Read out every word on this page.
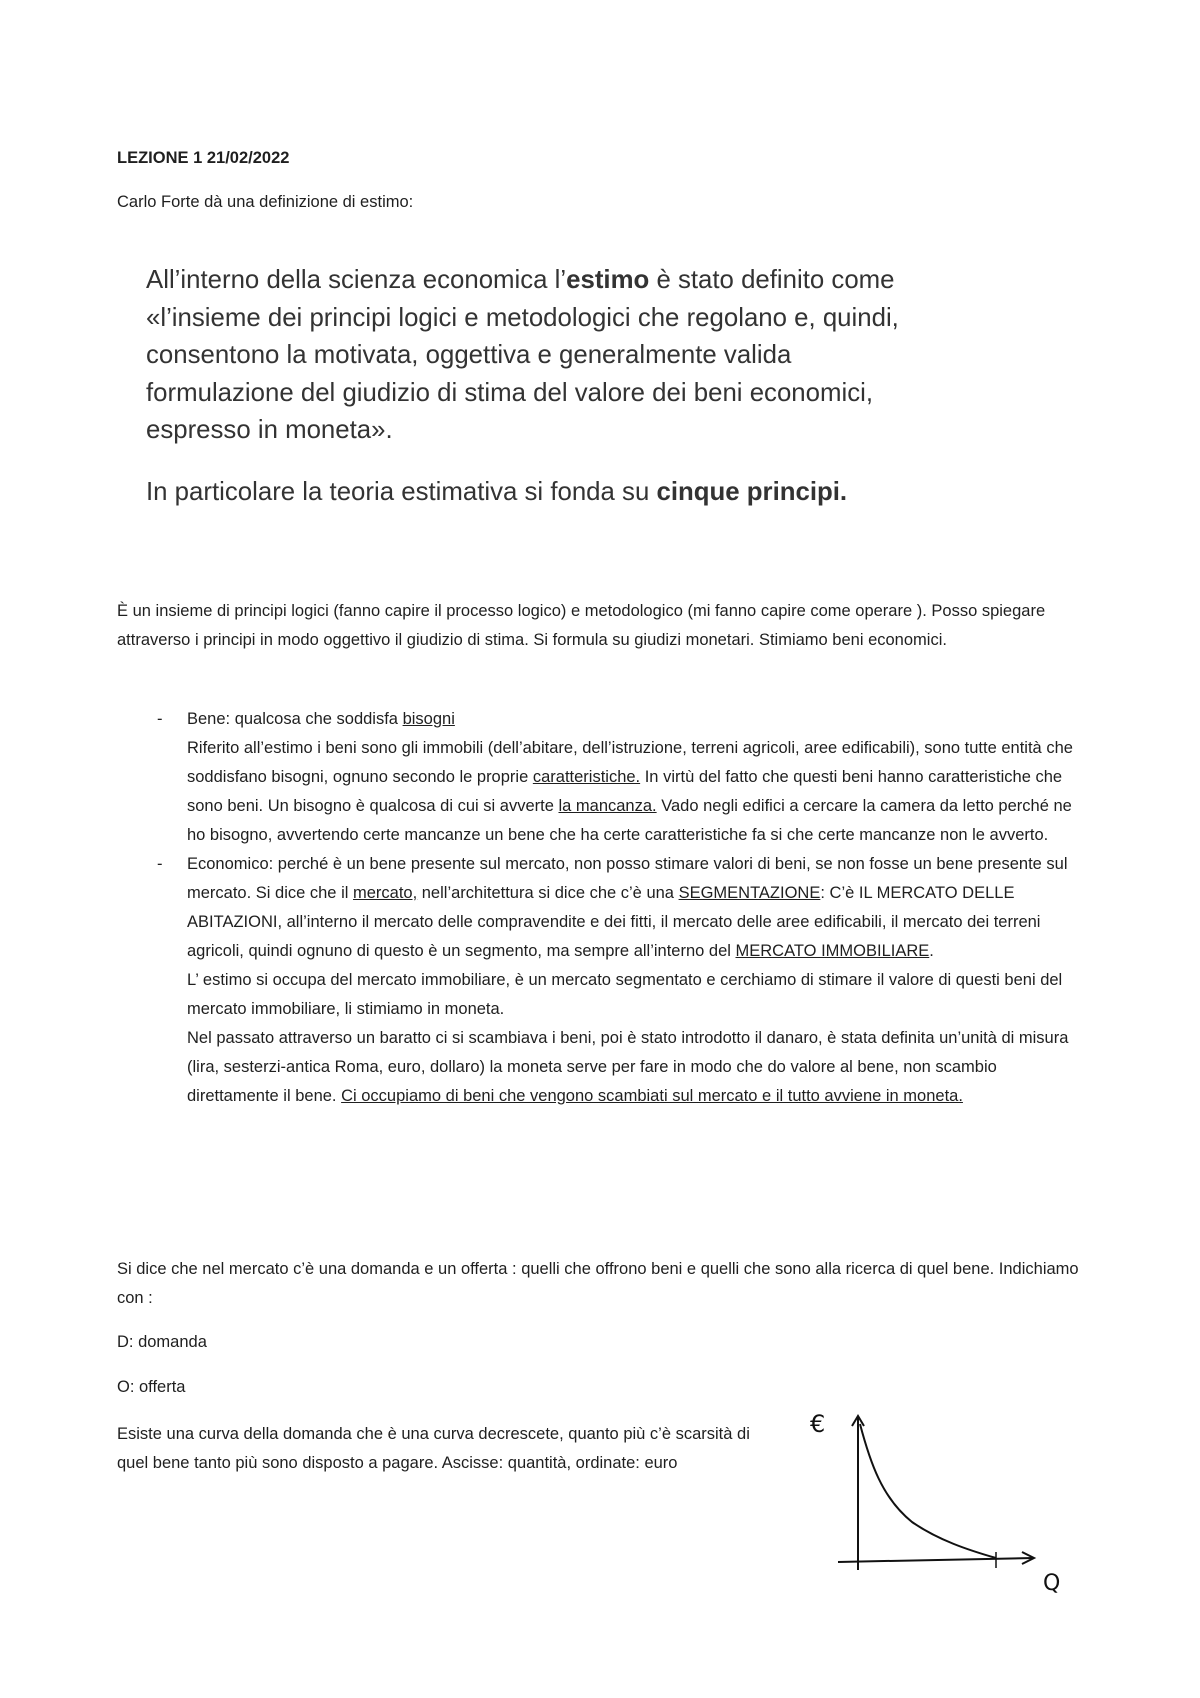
LEZIONE 1 21/02/2022
Carlo Forte dà una definizione di estimo:

All’interno della scienza economica l’estimo è stato definito come

«l’insieme dei principi logici e metodologici che regolano e, quindi,

consentono la motivata, oggettiva e generalmente valida

formulazione del giudizio di stima del valore dei beni economici,

espresso in moneta».

In particolare la teoria estimativa si fonda su cinque principi.

È un insieme di principi logici (fanno capire il processo logico) e metodologico (mi fanno capire come operare ). Posso spiegare attraverso i principi in modo oggettivo il giudizio di stima. Si formula su giudizi monetari. Stimiamo beni economici.
- Bene: qualcosa che soddisfa bisogni
Riferito all’estimo i beni sono gli immobili (dell’abitare, dell’istruzione, terreni agricoli, aree edificabili), sono tutte entità che soddisfano bisogni, ognuno secondo le proprie caratteristiche. In virtù del fatto che questi beni hanno caratteristiche che sono beni. Un bisogno è qualcosa di cui si avverte la mancanza. Vado negli edifici a cercare la camera da letto perché ne ho bisogno, avvertendo certe mancanze un bene che ha certe caratteristiche fa si che certe mancanze non le avverto.
- Economico: perché è un bene presente sul mercato, non posso stimare valori di beni, se non fosse un bene presente sul mercato. Si dice che il mercato, nell’architettura si dice che c’è una SEGMENTAZIONE: C’è IL MERCATO DELLE ABITAZIONI, all’interno il mercato delle compravendite e dei fitti, il mercato delle aree edificabili, il mercato dei terreni agricoli, quindi ognuno di questo è un segmento, ma sempre all’interno del MERCATO IMMOBILIARE.
L’ estimo si occupa del mercato immobiliare, è un mercato segmentato e cerchiamo di stimare il valore di questi beni del mercato immobiliare, li stimiamo in moneta.
Nel passato attraverso un baratto ci si scambiava i beni, poi è stato introdotto il danaro, è stata definita un’unità di misura (lira, sesterzi-antica Roma, euro, dollaro) la moneta serve per fare in modo che do valore al bene, non scambio direttamente il bene. Ci occupiamo di beni che vengono scambiati sul mercato e il tutto avviene in moneta.
Si dice che nel mercato c’è una domanda e un offerta : quelli che offrono beni e quelli che sono alla ricerca di quel bene. Indichiamo con :
D: domanda
O: offerta
Esiste una curva della domanda che è una curva decrescete, quanto più c’è scarsità di quel bene tanto più sono disposto a pagare. Ascisse: quantità, ordinate: euro
€
Q
